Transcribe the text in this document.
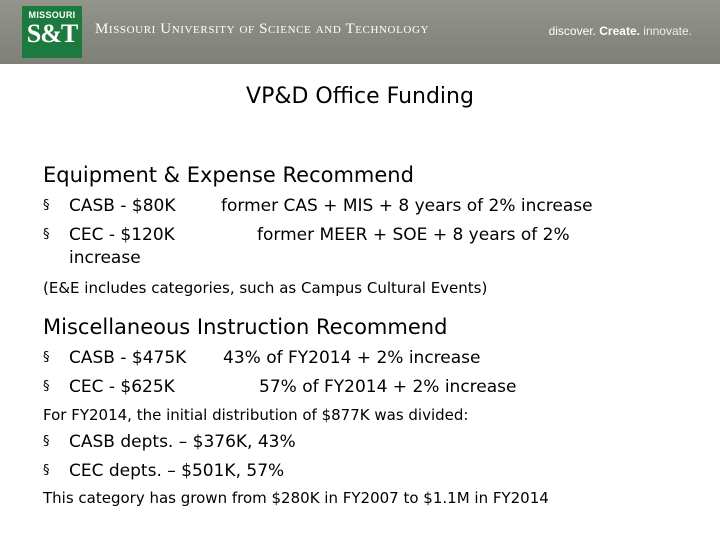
MISSOURI
S&T	Missouri University of Science and Technology	discover. Create. innovate.
VP&D Office Funding
Equipment & Expense Recommend
§ CASB - $80K	former CAS + MIS + 8 years of 2% increase
§ CEC - $120K	former MEER + SOE + 8 years of 2%
increase
(E&E includes categories, such as Campus Cultural Events)
Miscellaneous Instruction Recommend
§ CASB - $475K 43% of FY2014 + 2% increase
§ CEC - $625K	57% of FY2014 + 2% increase
For FY2014, the initial distribution of $877K was divided:
§ CASB depts. – $376K, 43%
§ CEC depts. – $501K, 57%
This category has grown from $280K in FY2007 to $1.1M in FY2014
